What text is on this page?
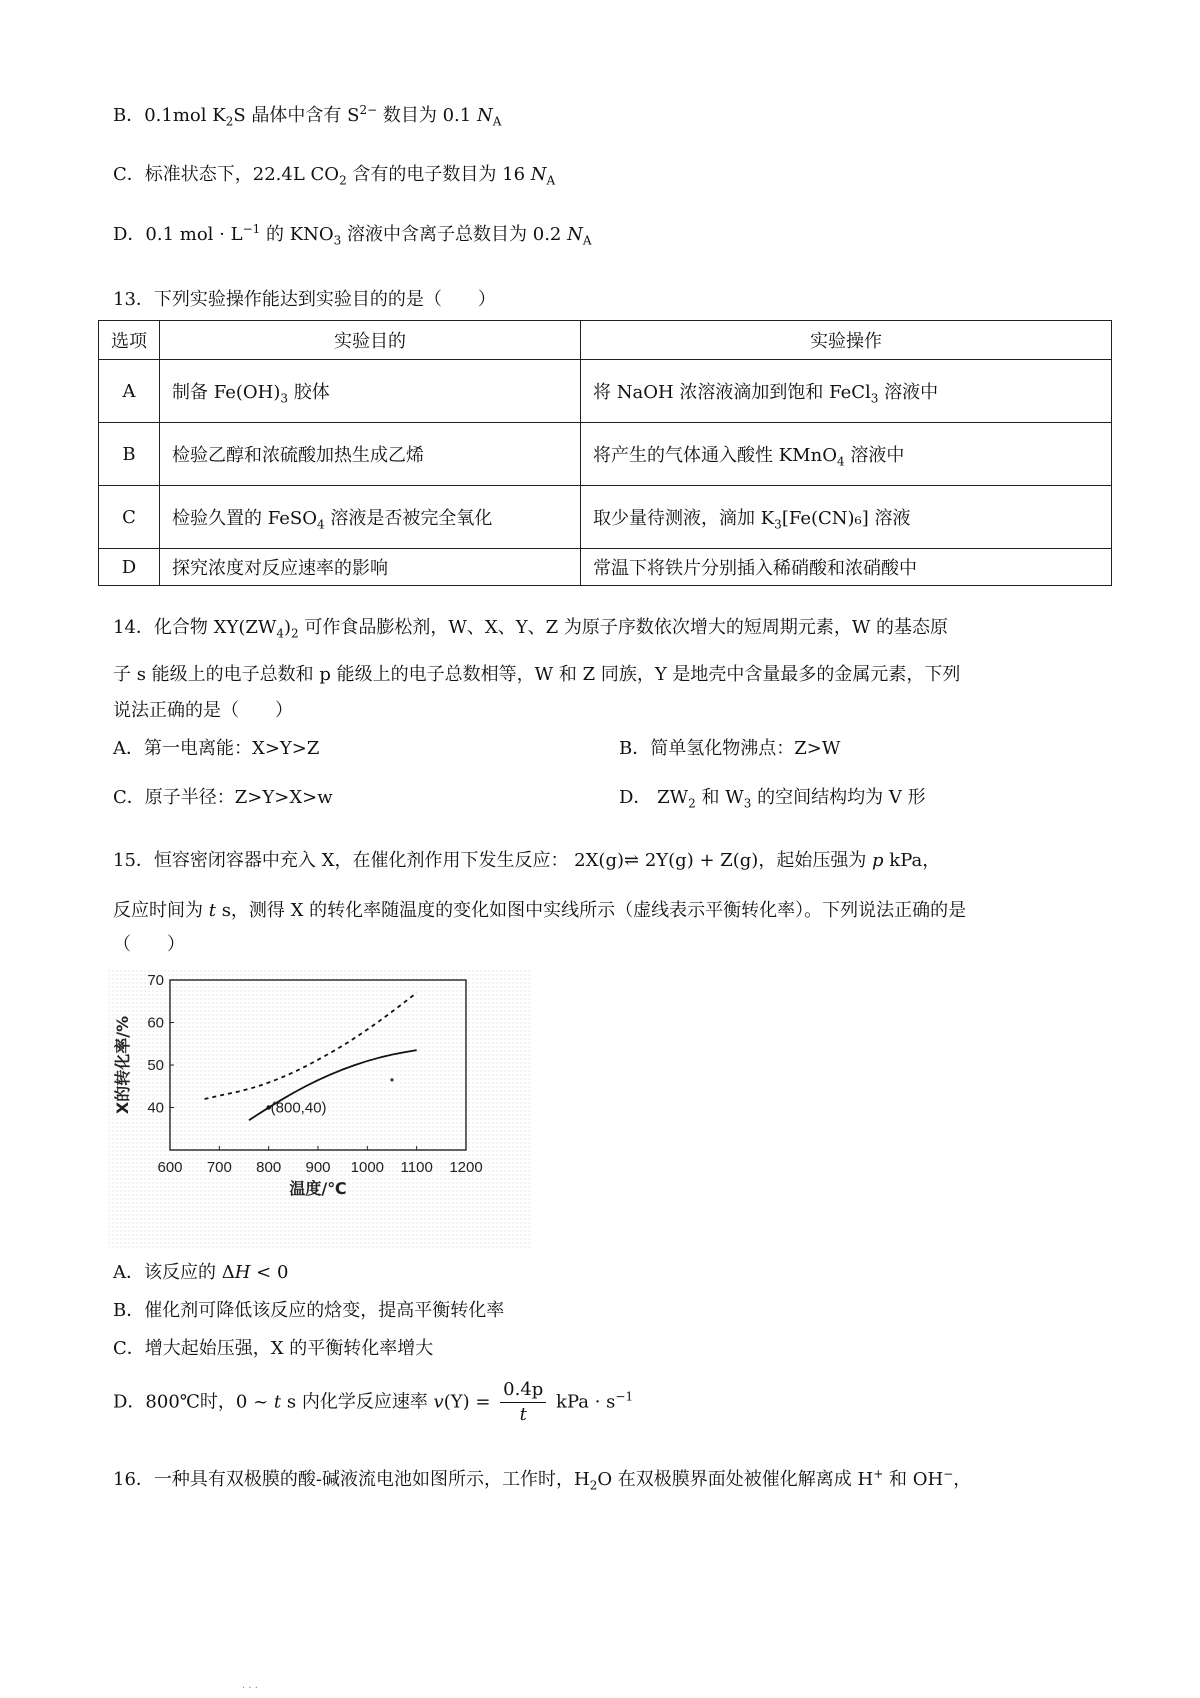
B．0.1mol $K_2S$ 晶体中含有 $S^{2-}$ 数目为 0.1 $N_A$
C．标准状态下，22.4L $CO_2$ 含有的电子数目为 16 $N_A$
D．0.1 mol · $L^{-1}$ 的 $KNO_3$ 溶液中含离子总数目为 0.2 $N_A$
13．下列实验操作能达到实验目的的是（　　）
选项	实验目的	实验操作
A	制备 $Fe(OH)_3$ 胶体	将 NaOH 浓溶液滴加到饱和 FeCl$_3$ 溶液中
B	检验乙醇和浓硫酸加热生成乙烯	将产生的气体通入酸性 KMnO$_4$ 溶液中
C	检验久置的 FeSO$_4$ 溶液是否被完全氧化	取少量待测液，滴加 $K_3[Fe(CN)_6]$ 溶液
D	探究浓度对反应速率的影响	常温下将铁片分别插入稀硝酸和浓硝酸中
14．化合物 $XY(ZW_4)_2$ 可作食品膨松剂，W、X、Y、Z 为原子序数依次增大的短周期元素，W 的基态原
子 s 能级上的电子总数和 p 能级上的电子总数相等，W 和 Z 同族，Y 是地壳中含量最多的金属元素，下列
说法正确的是（　　）
A．第一电离能：X>Y>Z	B．简单氢化物沸点：Z>W
C．原子半径：Z>Y>X>w	D． $ZW_2$ 和 $W_3$ 的空间结构均为 V 形
15．恒容密闭容器中充入 X，在催化剂作用下发生反应： 2X(g)⇌ 2Y(g) + Z(g)，起始压强为 p kPa，
反应时间为 t s，测得 X 的转化率随温度的变化如图中实线所示（虚线表示平衡转化率）。下列说法正确的是
（　　）
600 700 800 900 1000 1100 1200
40
50
60
70
温度/℃
X的转化率/%	(800,40)
A．该反应的 ΔH < 0
B．催化剂可降低该反应的焓变，提高平衡转化率
C．增大起始压强，X 的平衡转化率增大
D．800℃时，0 ~ t s 内化学反应速率 $v(Y) = \frac{0.4p}{t}$ kPa · $s^{-1}$
16．一种具有双极膜的酸-碱液流电池如图所示，工作时，$H_2O$ 在双极膜界面处被催化解离成 H+ 和 OH−，
· · ·
